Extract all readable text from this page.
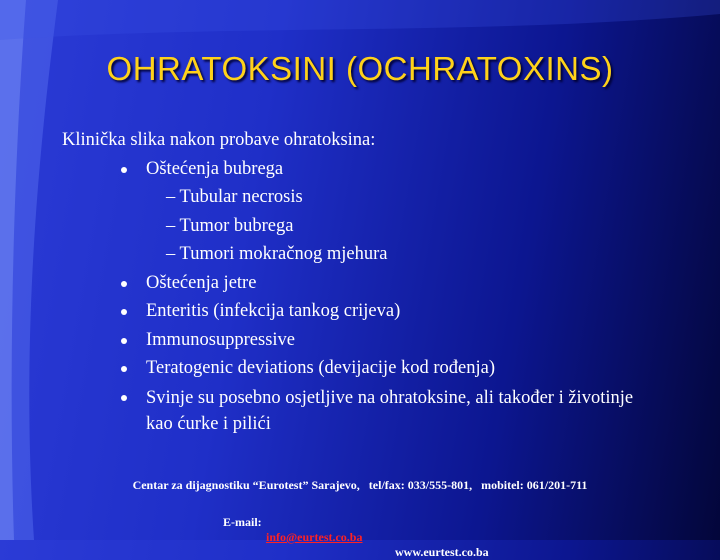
OHRATOKSINI (OCHRATOXINS)
Klinička slika nakon probave ohratoksina:
Oštećenja bubrega
– Tubular necrosis
– Tumor bubrega
– Tumori mokračnog mjehura
Oštećenja jetre
Enteritis (infekcija tankog crijeva)
Immunosuppressive
Teratogenic deviations (devijacije kod rođenja)
Svinje su posebno osjetljive na ohratoksine, ali također i životinje kao ćurke i pilići
Centar za dijagnostiku “Eurotest” Sarajevo,   tel/fax: 033/555-801,   mobitel: 061/201-711

E-mail:

info@eurtest.co.ba

www.eurtest.co.ba
